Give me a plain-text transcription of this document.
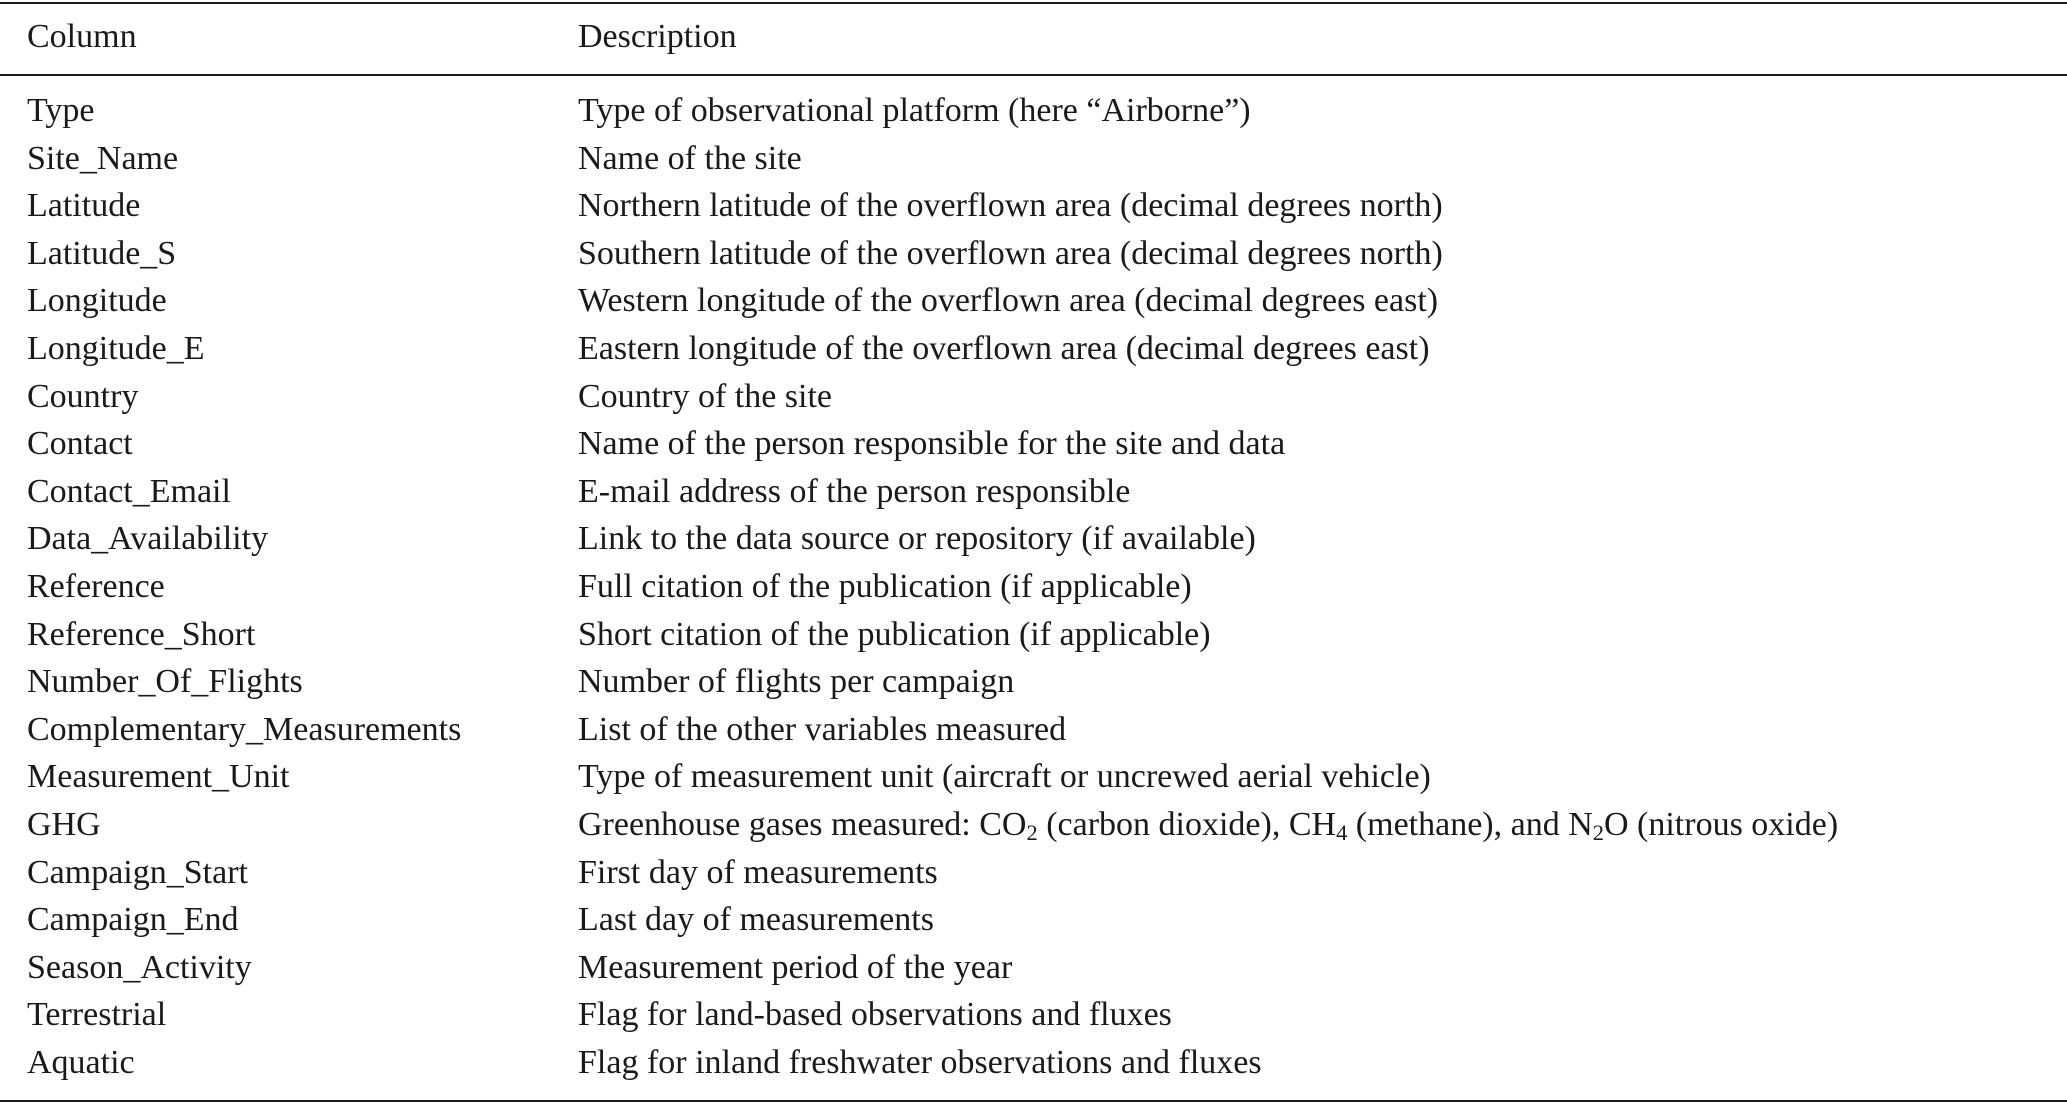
Column	Description
Type	Type of observational platform (here “Airborne”)
Site_Name	Name of the site
Latitude	Northern latitude of the overflown area (decimal degrees north)
Latitude_S	Southern latitude of the overflown area (decimal degrees north)
Longitude	Western longitude of the overflown area (decimal degrees east)
Longitude_E	Eastern longitude of the overflown area (decimal degrees east)
Country	Country of the site
Contact	Name of the person responsible for the site and data
Contact_Email	E-mail address of the person responsible
Data_Availability	Link to the data source or repository (if available)
Reference	Full citation of the publication (if applicable)
Reference_Short	Short citation of the publication (if applicable)
Number_Of_Flights	Number of flights per campaign
Complementary_Measurements	List of the other variables measured
Measurement_Unit	Type of measurement unit (aircraft or uncrewed aerial vehicle)
GHG	Greenhouse gases measured: $CO_2$ (carbon dioxide), $CH_4$ (methane), and $N_2O$ (nitrous oxide)
Campaign_Start	First day of measurements
Campaign_End	Last day of measurements
Season_Activity	Measurement period of the year
Terrestrial	Flag for land-based observations and fluxes
Aquatic	Flag for inland freshwater observations and fluxes
